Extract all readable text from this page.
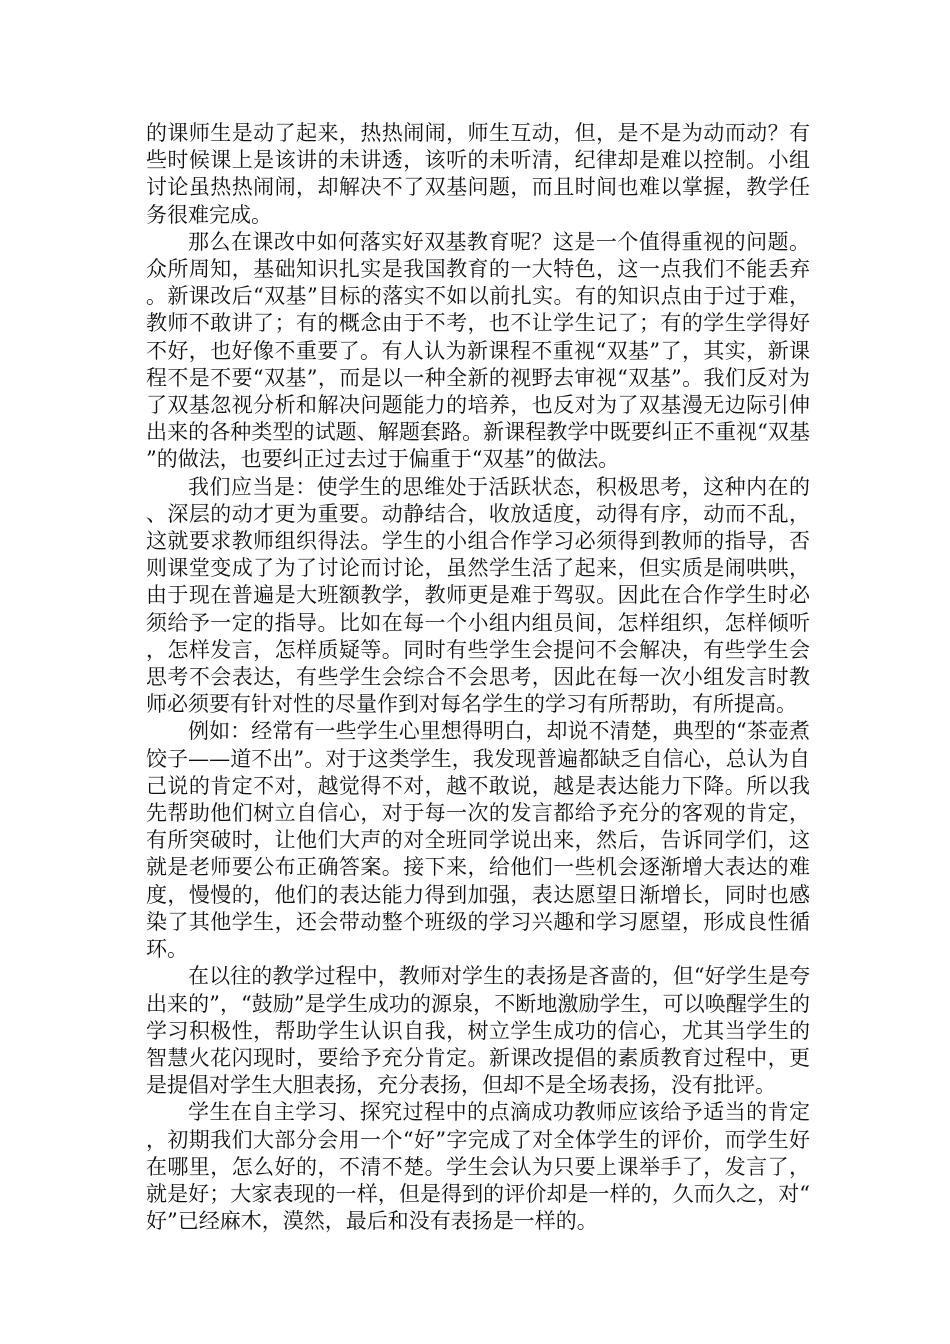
的课师生是动了起来，热热闹闹，师生互动，但，是不是为动而动？有些时候课上是该讲的未讲透，该听的未听清，纪律却是难以控制。小组讨论虽热热闹闹，却解决不了双基问题，而且时间也难以掌握，教学任务很难完成。

那么在课改中如何落实好双基教育呢？这是一个值得重视的问题。众所周知，基础知识扎实是我国教育的一大特色，这一点我们不能丢弃。新课改后“双基”目标的落实不如以前扎实。有的知识点由于过于难，教师不敢讲了；有的概念由于不考，也不让学生记了；有的学生学得好不好，也好像不重要了。有人认为新课程不重视“双基”了，其实，新课程不是不要“双基”，而是以一种全新的视野去审视“双基”。我们反对为了双基忽视分析和解决问题能力的培养，也反对为了双基漫无边际引伸出来的各种类型的试题、解题套路。新课程教学中既要纠正不重视“双基”的做法，也要纠正过去过于偏重于“双基”的做法。

我们应当是：使学生的思维处于活跃状态，积极思考，这种内在的、深层的动才更为重要。动静结合，收放适度，动得有序，动而不乱，这就要求教师组织得法。学生的小组合作学习必须得到教师的指导，否则课堂变成了为了讨论而讨论，虽然学生活了起来，但实质是闹哄哄，由于现在普遍是大班额教学，教师更是难于驾驭。因此在合作学生时必须给予一定的指导。比如在每一个小组内组员间，怎样组织，怎样倾听，怎样发言，怎样质疑等。同时有些学生会提问不会解决，有些学生会思考不会表达，有些学生会综合不会思考，因此在每一次小组发言时教师必须要有针对性的尽量作到对每名学生的学习有所帮助，有所提高。

例如：经常有一些学生心里想得明白，却说不清楚，典型的“茶壶煮饺子——道不出”。对于这类学生，我发现普遍都缺乏自信心，总认为自己说的肯定不对，越觉得不对，越不敢说，越是表达能力下降。所以我先帮助他们树立自信心，对于每一次的发言都给予充分的客观的肯定，有所突破时，让他们大声的对全班同学说出来，然后，告诉同学们，这就是老师要公布正确答案。接下来，给他们一些机会逐渐增大表达的难度，慢慢的，他们的表达能力得到加强，表达愿望日渐增长，同时也感染了其他学生，还会带动整个班级的学习兴趣和学习愿望，形成良性循环。

在以往的教学过程中，教师对学生的表扬是吝啬的，但“好学生是夸出来的”，“鼓励”是学生成功的源泉，不断地激励学生，可以唤醒学生的学习积极性，帮助学生认识自我，树立学生成功的信心，尤其当学生的智慧火花闪现时，要给予充分肯定。新课改提倡的素质教育过程中，更是提倡对学生大胆表扬，充分表扬，但却不是全场表扬，没有批评。

学生在自主学习、探究过程中的点滴成功教师应该给予适当的肯定，初期我们大部分会用一个“好”字完成了对全体学生的评价，而学生好在哪里，怎么好的，不清不楚。学生会认为只要上课举手了，发言了，就是好；大家表现的一样，但是得到的评价却是一样的，久而久之，对“好”已经麻木，漠然，最后和没有表扬是一样的。
